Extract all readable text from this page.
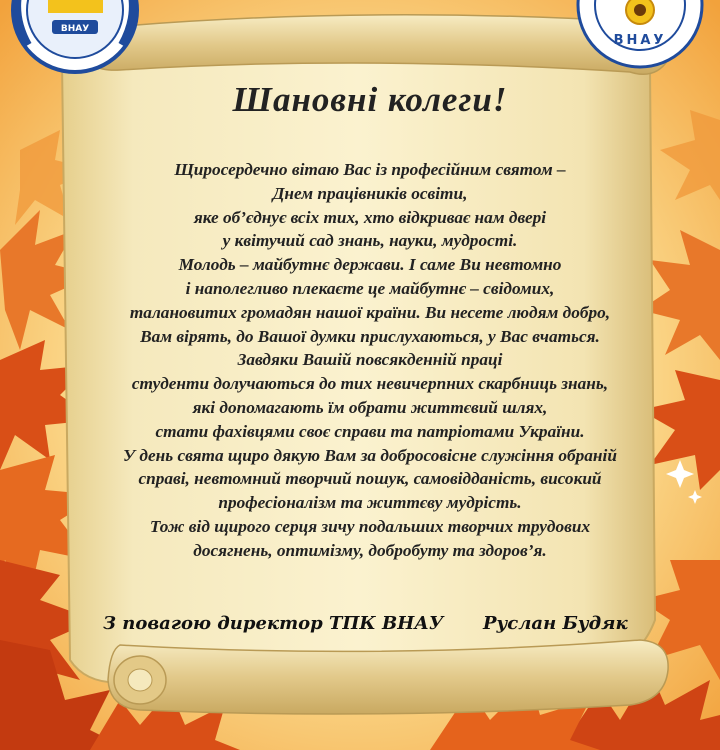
ВНАУ
ВНАУ
Шановні колеги!
Щиросердечно вітаю Вас із професійним святом –
Днем працівників освіти,
яке об’єднує всіх тих, хто відкриває нам двері
у квітучий сад знань, науки, мудрості.
Молодь – майбутнє держави. І саме Ви невтомно
і наполегливо плекаєте це майбутнє – свідомих,
талановитих громадян нашої країни. Ви несете людям добро,
Вам вірять, до Вашої думки прислухаються, у Вас вчаться.
Завдяки Вашій повсякденній праці
студенти долучаються до тих невичерпних скарбниць знань,
які допомагають їм обрати життєвий шлях,
стати фахівцями своє справи та патріотами України.
У день свята щиро дякую Вам за добросовісне служіння обраній
справі, невтомний творчий пошук, самовідданість, високий
професіоналізм та життєву мудрість.
Тож від щирого серця зичу подальших творчих трудових
досягнень, оптимізму, добробуту та здоров’я.
З повагою директор ТПК ВНАУ Руслан Будяк
